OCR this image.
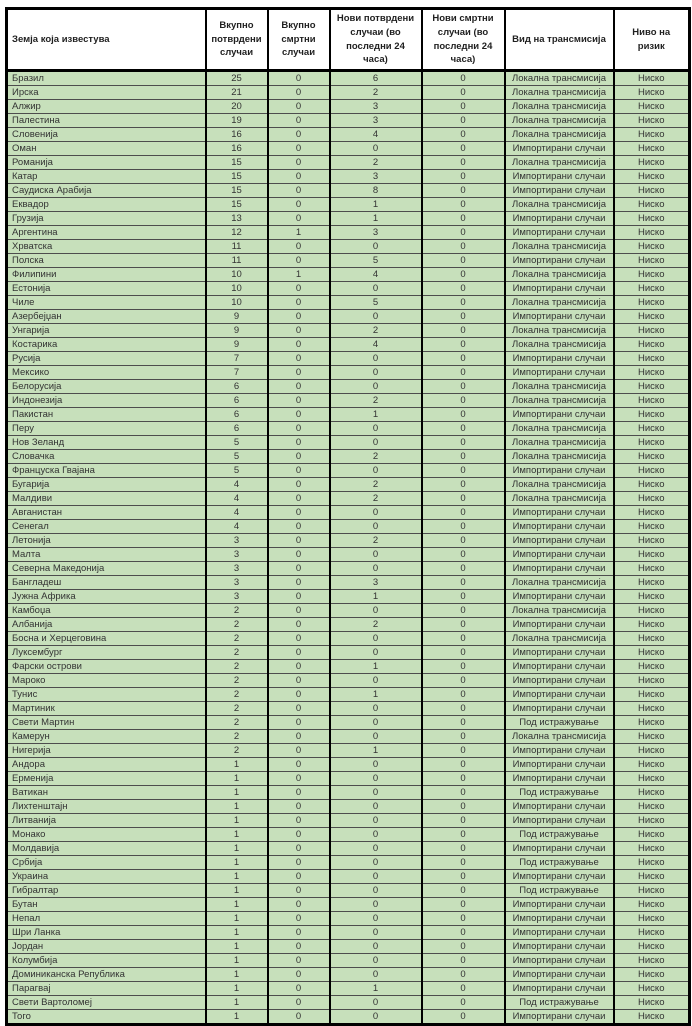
Земја која известува	Вкупно потврдени случаи	Вкупно смртни случаи	Нови потврдени случаи (во последни 24 часа)	Нови смртни случаи (во последни 24 часа)	Вид на трансмисија	Ниво на ризик
Бразил	25	0	6	0	Локална трансмисија	Ниско
Ирска	21	0	2	0	Локална трансмисија	Ниско
Алжир	20	0	3	0	Локална трансмисија	Ниско
Палестина	19	0	3	0	Локална трансмисија	Ниско
Словенија	16	0	4	0	Локална трансмисија	Ниско
Оман	16	0	0	0	Импортирани случаи	Ниско
Романија	15	0	2	0	Локална трансмисија	Ниско
Катар	15	0	3	0	Импортирани случаи	Ниско
Саудиска Арабија	15	0	8	0	Импортирани случаи	Ниско
Еквадор	15	0	1	0	Локална трансмисија	Ниско
Грузија	13	0	1	0	Импортирани случаи	Ниско
Аргентина	12	1	3	0	Импортирани случаи	Ниско
Хрватска	11	0	0	0	Локална трансмисија	Ниско
Полска	11	0	5	0	Импортирани случаи	Ниско
Филипини	10	1	4	0	Локална трансмисија	Ниско
Естонија	10	0	0	0	Импортирани случаи	Ниско
Чиле	10	0	5	0	Локална трансмисија	Ниско
Азербејџан	9	0	0	0	Импортирани случаи	Ниско
Унгарија	9	0	2	0	Локална трансмисија	Ниско
Костарика	9	0	4	0	Локална трансмисија	Ниско
Русија	7	0	0	0	Импортирани случаи	Ниско
Мексико	7	0	0	0	Импортирани случаи	Ниско
Белорусија	6	0	0	0	Локална трансмисија	Ниско
Индонезија	6	0	2	0	Локална трансмисија	Ниско
Пакистан	6	0	1	0	Импортирани случаи	Ниско
Перу	6	0	0	0	Локална трансмисија	Ниско
Нов Зеланд	5	0	0	0	Локална трансмисија	Ниско
Словачка	5	0	2	0	Локална трансмисија	Ниско
Француска Гвајана	5	0	0	0	Импортирани случаи	Ниско
Бугарија	4	0	2	0	Локална трансмисија	Ниско
Малдиви	4	0	2	0	Локална трансмисија	Ниско
Авганистан	4	0	0	0	Импортирани случаи	Ниско
Сенегал	4	0	0	0	Импортирани случаи	Ниско
Летонија	3	0	2	0	Импортирани случаи	Ниско
Малта	3	0	0	0	Импортирани случаи	Ниско
Северна Македонија	3	0	0	0	Импортирани случаи	Ниско
Бангладеш	3	0	3	0	Локална трансмисија	Ниско
Јужна Африка	3	0	1	0	Импортирани случаи	Ниско
Камбоџа	2	0	0	0	Локална трансмисија	Ниско
Албанија	2	0	2	0	Импортирани случаи	Ниско
Босна и Херцеговина	2	0	0	0	Локална трансмисија	Ниско
Луксембург	2	0	0	0	Импортирани случаи	Ниско
Фарски острови	2	0	1	0	Импортирани случаи	Ниско
Мароко	2	0	0	0	Импортирани случаи	Ниско
Тунис	2	0	1	0	Импортирани случаи	Ниско
Мартиник	2	0	0	0	Импортирани случаи	Ниско
Свети Мартин	2	0	0	0	Под истражување	Ниско
Камерун	2	0	0	0	Локална трансмисија	Ниско
Нигерија	2	0	1	0	Импортирани случаи	Ниско
Андора	1	0	0	0	Импортирани случаи	Ниско
Ерменија	1	0	0	0	Импортирани случаи	Ниско
Ватикан	1	0	0	0	Под истражување	Ниско
Лихтенштајн	1	0	0	0	Импортирани случаи	Ниско
Литванија	1	0	0	0	Импортирани случаи	Ниско
Монако	1	0	0	0	Под истражување	Ниско
Молдавија	1	0	0	0	Импортирани случаи	Ниско
Србија	1	0	0	0	Под истражување	Ниско
Украина	1	0	0	0	Импортирани случаи	Ниско
Гибралтар	1	0	0	0	Под истражување	Ниско
Бутан	1	0	0	0	Импортирани случаи	Ниско
Непал	1	0	0	0	Импортирани случаи	Ниско
Шри Ланка	1	0	0	0	Импортирани случаи	Ниско
Јордан	1	0	0	0	Импортирани случаи	Ниско
Колумбија	1	0	0	0	Импортирани случаи	Ниско
Доминиканска Република	1	0	0	0	Импортирани случаи	Ниско
Парагвај	1	0	1	0	Импортирани случаи	Ниско
Свети Вартоломеј	1	0	0	0	Под истражување	Ниско
Того	1	0	0	0	Импортирани случаи	Ниско
